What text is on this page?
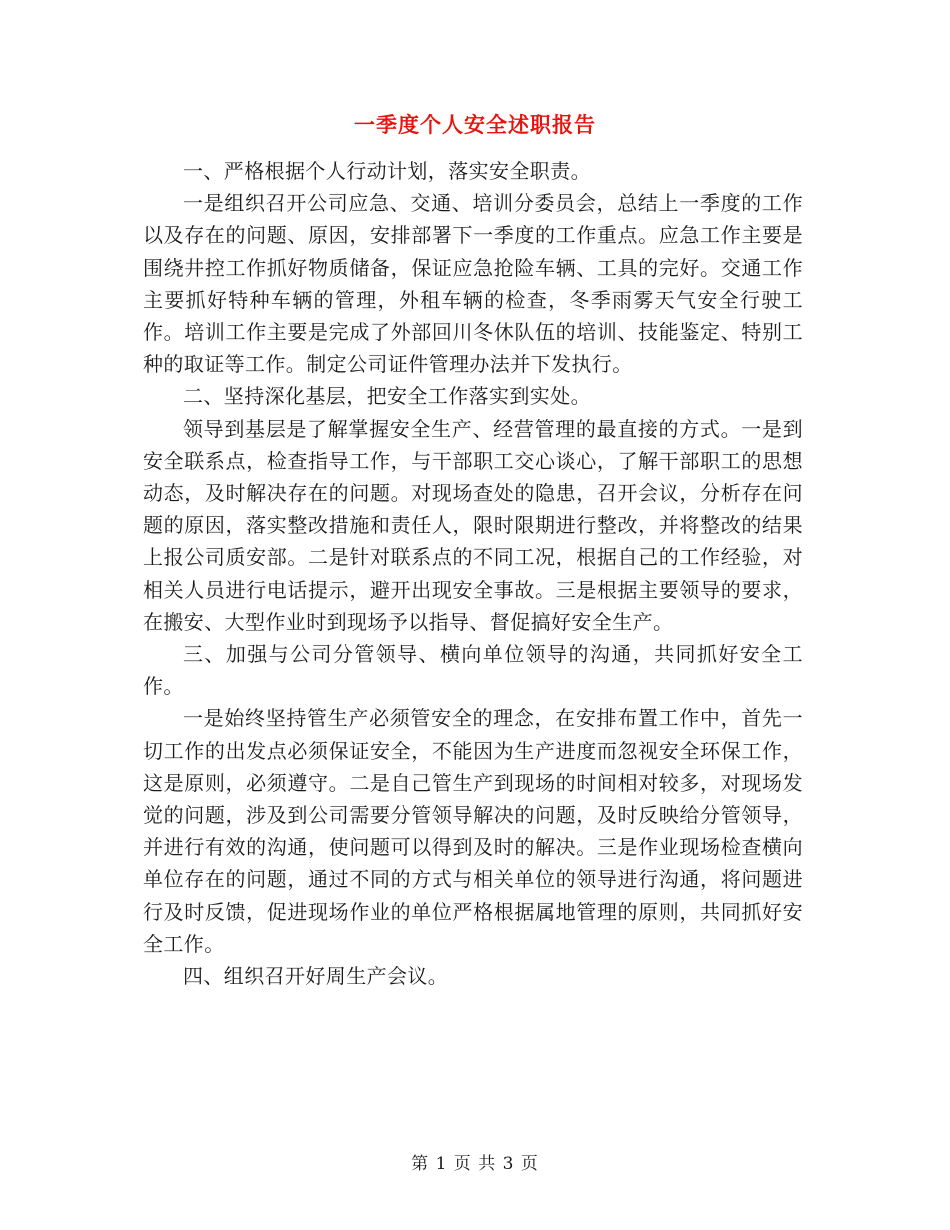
一季度个人安全述职报告

一、严格根据个人行动计划，落实安全职责。

一是组织召开公司应急、交通、培训分委员会，总结上一季度的工作以及存在的问题、原因，安排部署下一季度的工作重点。应急工作主要是围绕井控工作抓好物质储备，保证应急抢险车辆、工具的完好。交通工作主要抓好特种车辆的管理，外租车辆的检查，冬季雨雾天气安全行驶工作。培训工作主要是完成了外部回川冬休队伍的培训、技能鉴定、特别工种的取证等工作。制定公司证件管理办法并下发执行。

二、坚持深化基层，把安全工作落实到实处。

领导到基层是了解掌握安全生产、经营管理的最直接的方式。一是到安全联系点，检查指导工作，与干部职工交心谈心，了解干部职工的思想动态，及时解决存在的问题。对现场查处的隐患，召开会议，分析存在问题的原因，落实整改措施和责任人，限时限期进行整改，并将整改的结果上报公司质安部。二是针对联系点的不同工况，根据自己的工作经验，对相关人员进行电话提示，避开出现安全事故。三是根据主要领导的要求，在搬安、大型作业时到现场予以指导、督促搞好安全生产。

三、加强与公司分管领导、横向单位领导的沟通，共同抓好安全工作。

一是始终坚持管生产必须管安全的理念，在安排布置工作中，首先一切工作的出发点必须保证安全，不能因为生产进度而忽视安全环保工作，这是原则，必须遵守。二是自己管生产到现场的时间相对较多，对现场发觉的问题，涉及到公司需要分管领导解决的问题，及时反映给分管领导，并进行有效的沟通，使问题可以得到及时的解决。三是作业现场检查横向单位存在的问题，通过不同的方式与相关单位的领导进行沟通，将问题进行及时反馈，促进现场作业的单位严格根据属地管理的原则，共同抓好安全工作。

四、组织召开好周生产会议。

第 1 页 共 3 页
